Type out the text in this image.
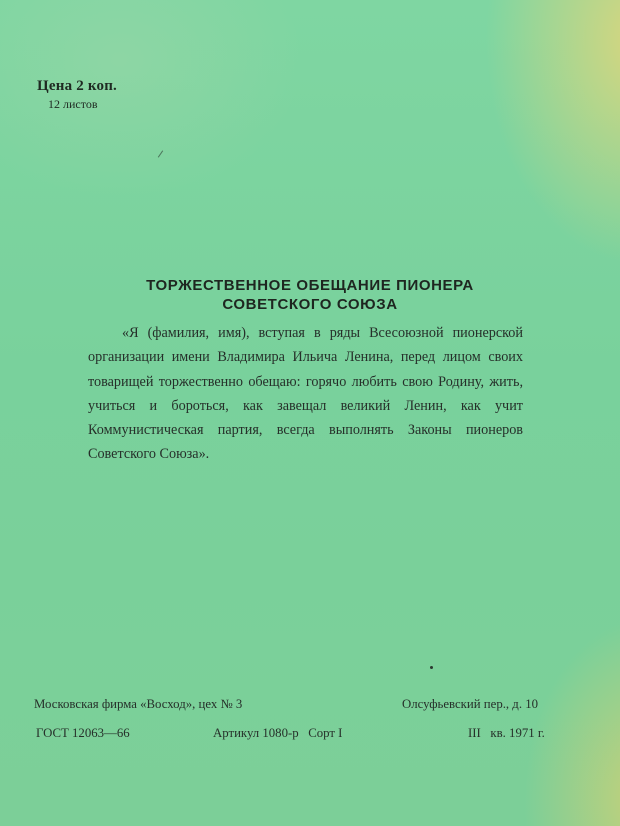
Цена 2 коп.
12 листов
ТОРЖЕСТВЕННОЕ ОБЕЩАНИЕ ПИОНЕРА
СОВЕТСКОГО СОЮЗА

«Я (фамилия, имя), вступая в ряды Всесоюзной пионерской организации имени Владимира Ильича Ленина, перед лицом своих товарищей торжественно обещаю: горячо любить свою Родину, жить, учиться и бороться, как завещал великий Ленин, как учит Коммунистическая партия, всегда выполнять Законы пионеров Советского Союза».

Московская фирма «Восход», цех № 3	Олсуфьевский пер., д. 10
ГОСТ 12063—66	Артикул 1080-р   Сорт I	III   кв. 1971 г.
